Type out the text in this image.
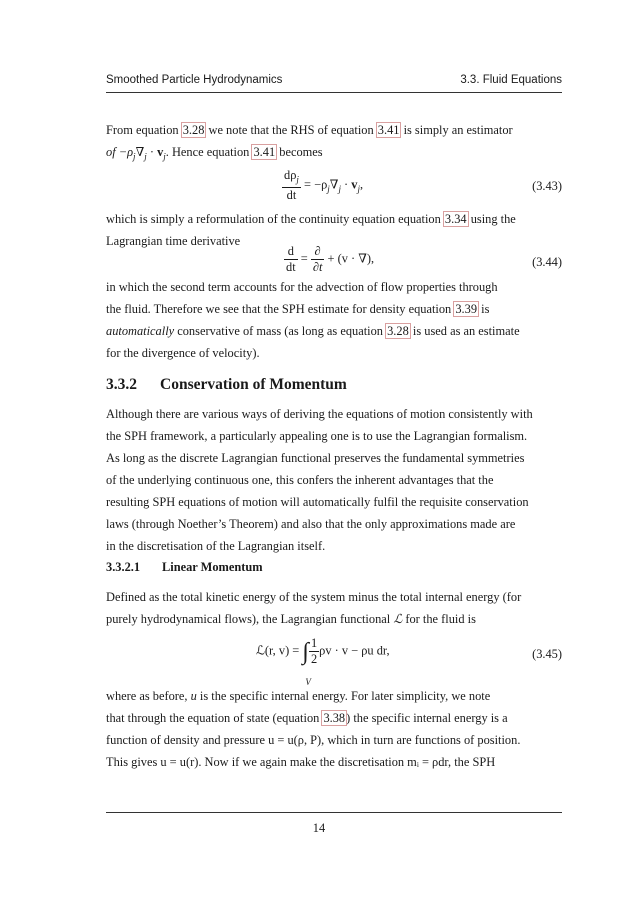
Smoothed Particle Hydrodynamics	3.3. Fluid Equations

From equation 3.28 we note that the RHS of equation 3.41 is simply an estimator
of $-\rho_j\nabla_j \cdot v_j$. Hence equation 3.41 becomes

$\frac{d\rho_j}{dt} = -\rho_j\nabla_j \cdot v_j$,	(3.43)

which is simply a reformulation of the continuity equation equation 3.34 using the
Lagrangian time derivative

$\frac{d}{dt} = \frac{\partial}{\partial t} + (v$ · ∇),	(3.44)

in which the second term accounts for the advection of flow properties through
the fluid. Therefore we see that the SPH estimate for density equation 3.39 is
automatically conservative of mass (as long as equation 3.28 is used as an estimate
for the divergence of velocity).

3.3.2 Conservation of Momentum

Although there are various ways of deriving the equations of motion consistently with
the SPH framework, a particularly appealing one is to use the Lagrangian formalism.
As long as the discrete Lagrangian functional preserves the fundamental symmetries
of the underlying continuous one, this confers the inherent advantages that the
resulting SPH equations of motion will automatically fulfil the requisite conservation
laws (through Noether’s Theorem) and also that the only approximations made are
in the discretisation of the Lagrangian itself.

3.3.2.1 Linear Momentum

Defined as the total kinetic energy of the system minus the total internal energy (for
purely hydrodynamical flows), the Lagrangian functional ℒ for the fluid is

ℒ(r, v) = ∫
V
$\frac{1}{2}$ ρv · v − ρu dr,	(3.45)

where as before, u is the specific internal energy. For later simplicity, we note
that through the equation of state (equation 3.38) the specific internal energy is a
function of density and pressure u = u(ρ, P), which in turn are functions of position.
This gives u = u(r). Now if we again make the discretisation mᵢ = ρdr, the SPH

14
